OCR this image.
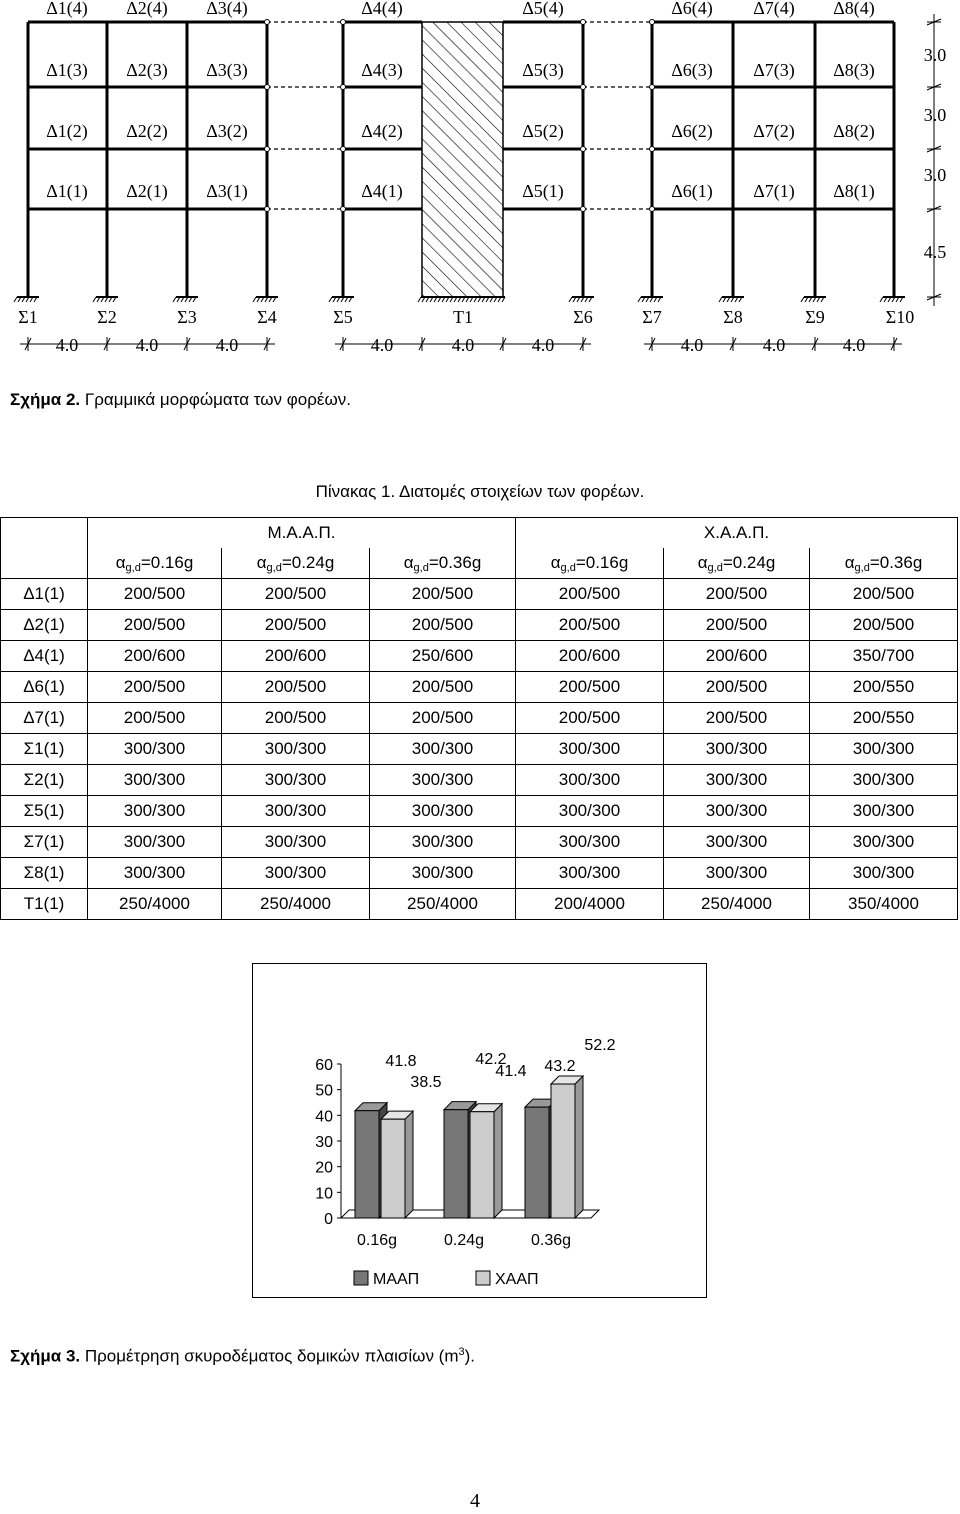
Δ1(4) Δ2(4) Δ3(4)	Δ4(4)	Δ5(4)	Δ6(4) Δ7(4) Δ8(4)
Δ1(3) Δ2(3) Δ3(3)	Δ4(3)	Δ5(3)	Δ6(3) Δ7(3) Δ8(3)
Δ1(2) Δ2(2) Δ3(2)	Δ4(2)	Δ5(2)	Δ6(2) Δ7(2) Δ8(2)
Δ1(1) Δ2(1) Δ3(1)	Δ4(1)	Δ5(1)	Δ6(1) Δ7(1) Δ8(1)
Σ1	Σ2	Σ3	Σ4	Σ5	Τ1	Σ6	Σ7	Σ8	Σ9	Σ10
4.0	4.0	4.0	4.0	4.0	4.0	4.0	4.0	4.0
3.0
3.0
3.0
4.5
Σχήμα 2. Γραμμικά μορφώματα των φορέων.
Πίνακας 1. Διατομές στοιχείων των φορέων.
	Μ.Α.Α.Π.			Χ.Α.Α.Π.		
	$\alpha_{g,d}=0.16g$	$\alpha_{g,d}=0.24g$	$\alpha_{g,d}=0.36g$	$\alpha_{g,d}=0.16g$	$\alpha_{g,d}=0.24g$	$\alpha_{g,d}=0.36g$
Δ1(1)	200/500	200/500	200/500	200/500	200/500	200/500
Δ2(1)	200/500	200/500	200/500	200/500	200/500	200/500
Δ4(1)	200/600	200/600	250/600	200/600	200/600	350/700
Δ6(1)	200/500	200/500	200/500	200/500	200/500	200/550
Δ7(1)	200/500	200/500	200/500	200/500	200/500	200/550
Σ1(1)	300/300	300/300	300/300	300/300	300/300	300/300
Σ2(1)	300/300	300/300	300/300	300/300	300/300	300/300
Σ5(1)	300/300	300/300	300/300	300/300	300/300	300/300
Σ7(1)	300/300	300/300	300/300	300/300	300/300	300/300
Σ8(1)	300/300	300/300	300/300	300/300	300/300	300/300
Τ1(1)	250/4000	250/4000	250/4000	200/4000	250/4000	350/4000
0
10
20
30
40
50
60	41.8
38.5
0.16g
42.2
41.4
0.24g
43.2
52.2
0.36g
ΜΑΑΠ	ΧΑΑΠ
Σχήμα 3. Προμέτρηση σκυροδέματος δομικών πλαισίων $(m^3)$.
4
